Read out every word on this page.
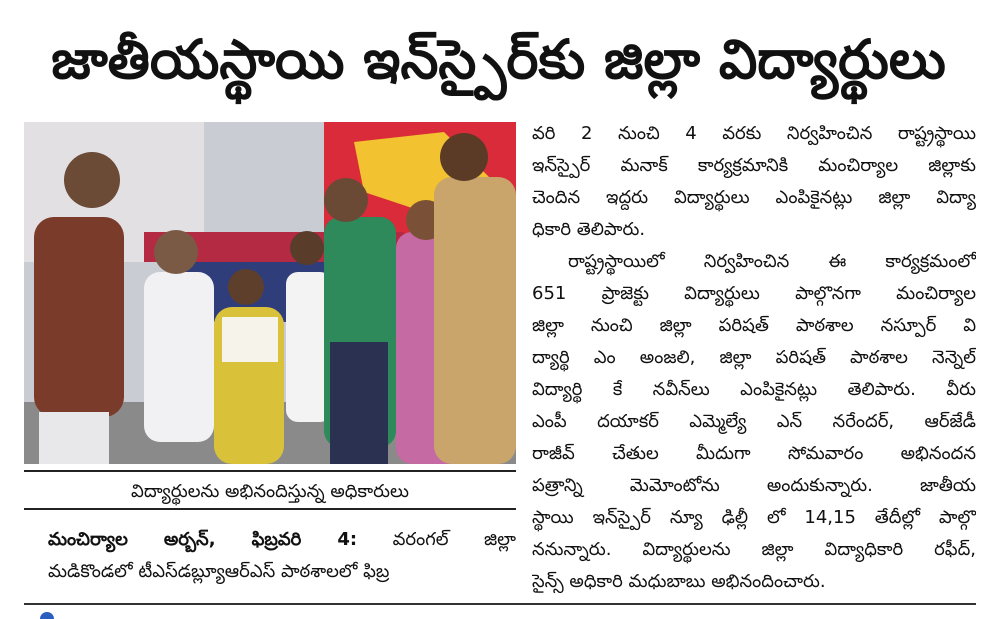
జాతీయస్థాయి ఇన్‌స్పైర్‌కు జిల్లా విద్యార్థులు
విద్యార్థులను అభినందిస్తున్న అధికారులు

మంచిర్యాల అర్బన్, ఫిబ్రవరి 4: వరంగల్ జిల్లా

మడికొండలో టీఎస్‌డబ్ల్యూఆర్ఎస్ పాఠశాలలో ఫిబ్ర

వరి 2 నుంచి 4 వరకు నిర్వహించిన రాష్ట్రస్థాయి
ఇన్‌స్పైర్ మనాక్ కార్యక్రమానికి మంచిర్యాల జిల్లాకు
చెందిన ఇద్దరు విద్యార్థులు ఎంపికైనట్లు జిల్లా విద్యా
ధికారి తెలిపారు.
రాష్ట్రస్థాయిలో నిర్వహించిన ఈ కార్యక్రమంలో
651 ప్రాజెక్టు విద్యార్థులు పాల్గొనగా మంచిర్యాల
జిల్లా నుంచి జిల్లా పరిషత్ పాఠశాల నస్పూర్ వి
ద్యార్థి ఎం అంజలి, జిల్లా పరిషత్ పాఠశాల నెన్నెల్
విద్యార్థి కే నవీన్‌లు ఎంపికైనట్లు తెలిపారు. వీరు
ఎంపీ దయాకర్ ఎమ్మెల్యే ఎన్ నరేందర్, ఆర్‌జేడీ
రాజీవ్ చేతుల మీదుగా సోమవారం అభినందన
పత్రాన్ని మెమోంటోను అందుకున్నారు. జాతీయ
స్థాయి ఇన్‌స్పైర్ న్యూ ఢిల్లీ లో 14,15 తేదీల్లో పాల్గొ
ననున్నారు. విద్యార్థులను జిల్లా విద్యాధికారి రఫీద్,
సైన్స్ అధికారి మధుబాబు అభినందించారు.
